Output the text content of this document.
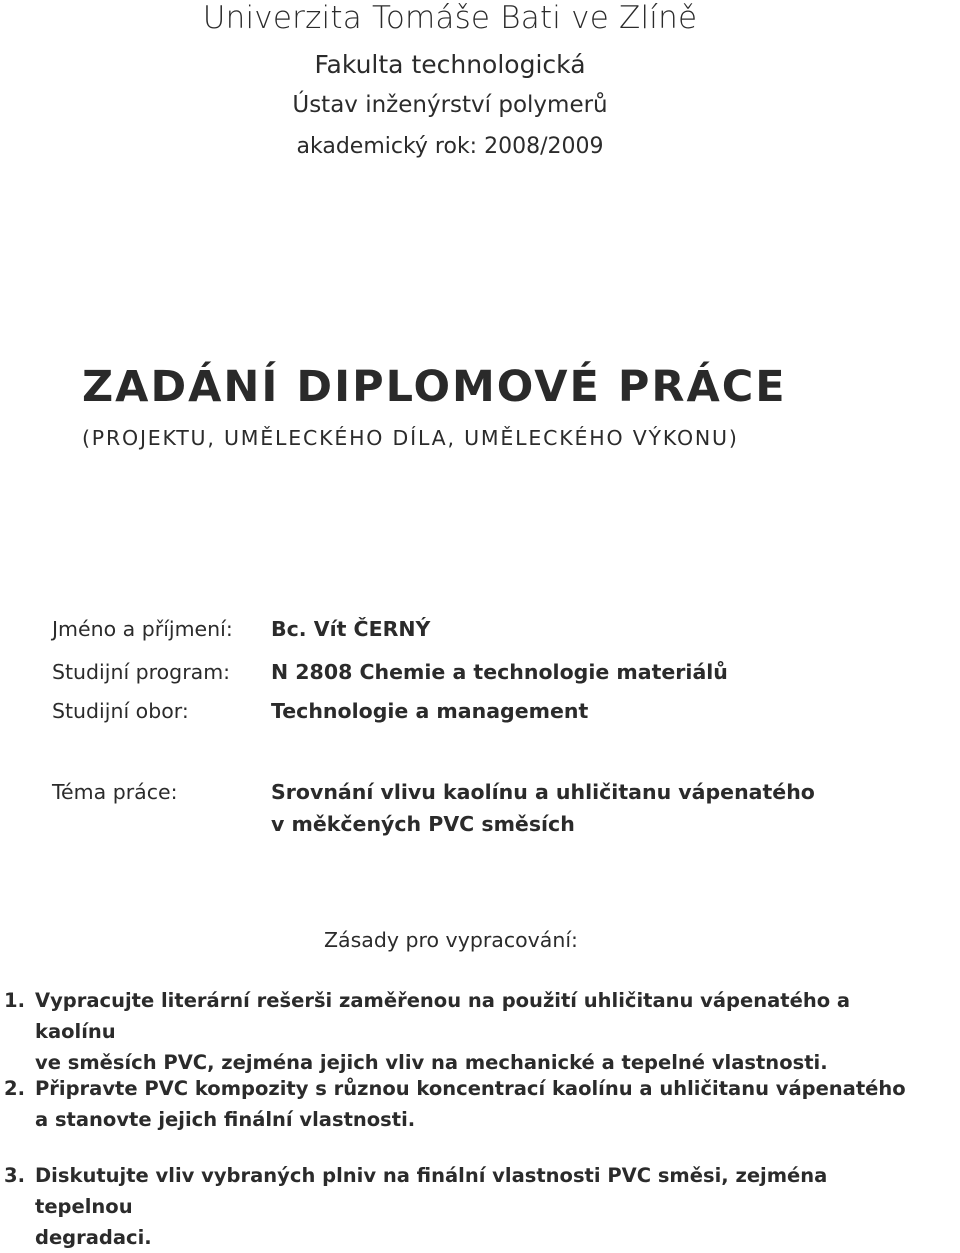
Univerzita Tomáše Bati ve Zlíně
Fakulta technologická
Ústav inženýrství polymerů
akademický rok: 2008/2009
ZADÁNÍ DIPLOMOVÉ PRÁCE
(PROJEKTU, UMĚLECKÉHO DÍLA, UMĚLECKÉHO VÝKONU)
Jméno a příjmení: Bc. Vít ČERNÝ
Studijní program: N 2808 Chemie a technologie materiálů
Studijní obor:	Technologie a management
Téma práce:	Srovnání vlivu kaolínu a uhličitanu vápenatého
v měkčených PVC směsích
Zásady pro vypracování:
1. Vypracujte literární rešerši zaměřenou na použití uhličitanu vápenatého a kaolínu
ve směsích PVC, zejména jejich vliv na mechanické a tepelné vlastnosti.
2. Připravte PVC kompozity s různou koncentrací kaolínu a uhličitanu vápenatého
a stanovte jejich finální vlastnosti.
3. Diskutujte vliv vybraných plniv na finální vlastnosti PVC směsi, zejména tepelnou
degradaci.
